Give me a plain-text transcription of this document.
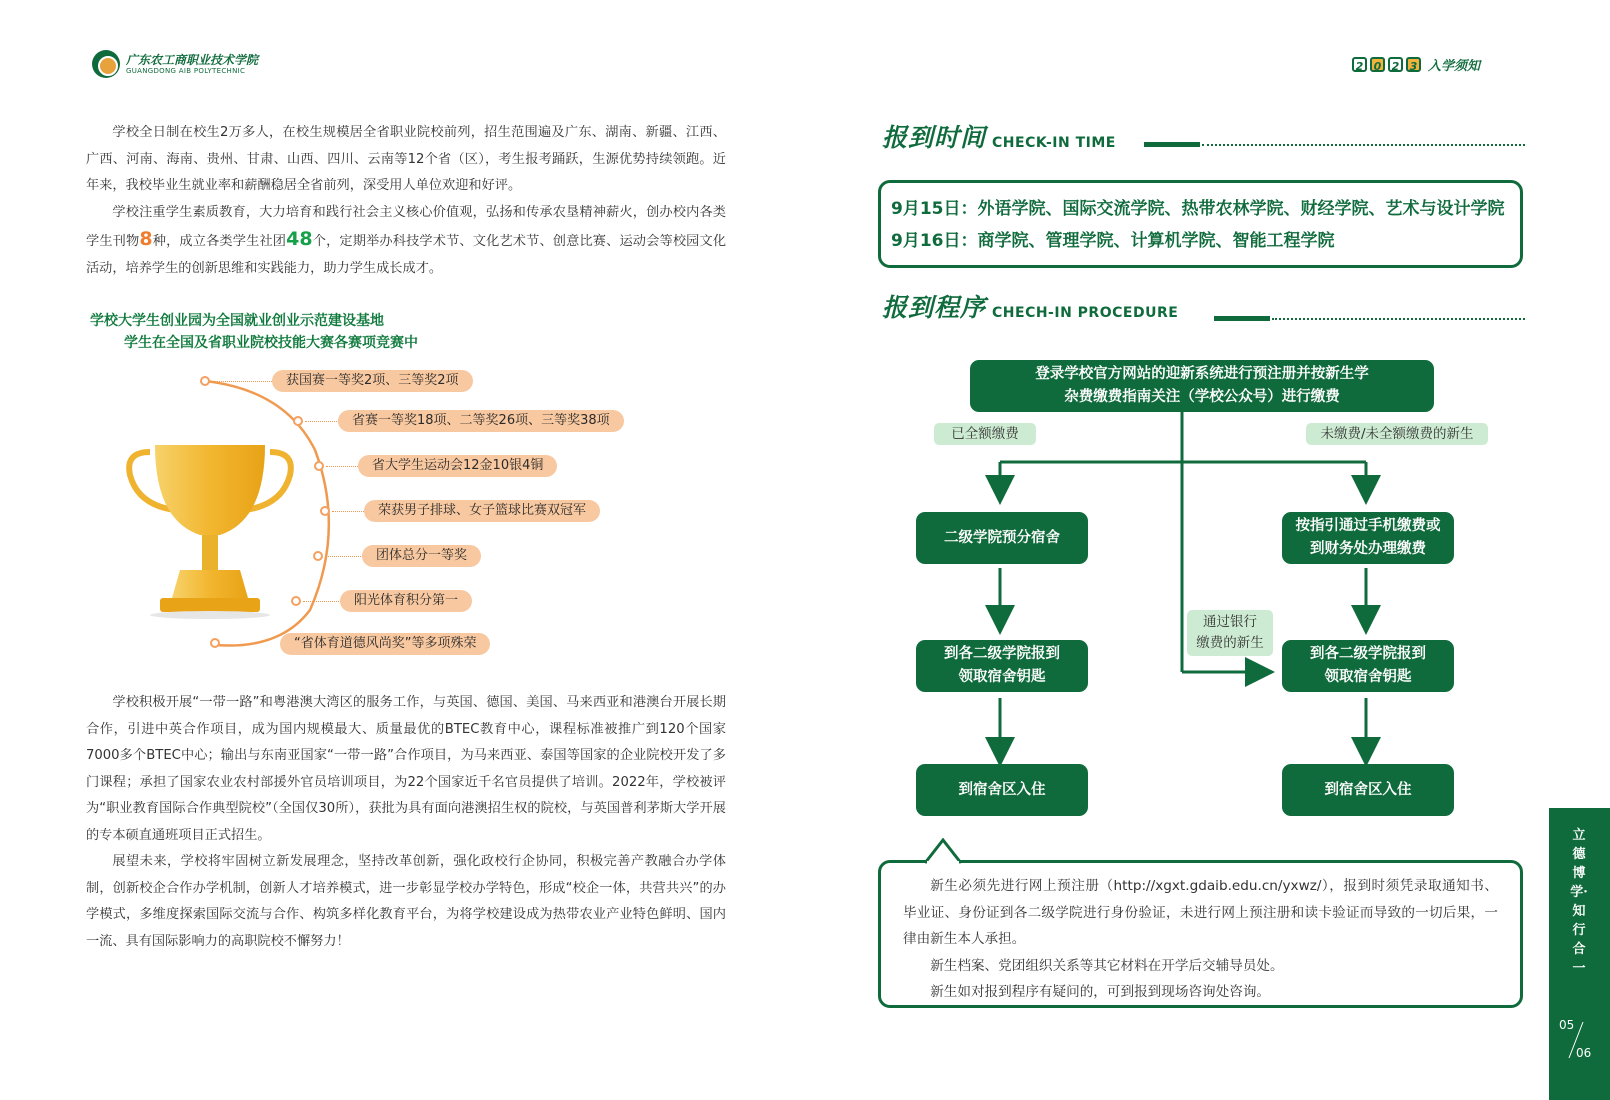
广东农工商职业技术学院
GUANGDONG AIB POLYTECHNIC	2 0 2 3 入学须知

学校全日制在校生2万多人，在校生规模居全省职业院校前列，招生范围遍及广东、湖南、新疆、江西、广西、河南、海南、贵州、甘肃、山西、四川、云南等12个省（区），考生报考踊跃，生源优势持续领跑。近年来，我校毕业生就业率和薪酬稳居全省前列，深受用人单位欢迎和好评。

学校注重学生素质教育，大力培育和践行社会主义核心价值观，弘扬和传承农垦精神薪火，创办校内各类学生刊物8种，成立各类学生社团48个，定期举办科技学术节、文化艺术节、创意比赛、运动会等校园文化活动，培养学生的创新思维和实践能力，助力学生成长成才。

学校大学生创业园为全国就业创业示范建设基地
学生在全国及省职业院校技能大赛各赛项竞赛中
获国赛一等奖2项、三等奖2项
省赛一等奖18项、二等奖26项、三等奖38项
省大学生运动会12金10银4铜
荣获男子排球、女子篮球比赛双冠军
团体总分一等奖
阳光体育积分第一
“省体育道德风尚奖”等多项殊荣

学校积极开展“一带一路”和粤港澳大湾区的服务工作，与英国、德国、美国、马来西亚和港澳台开展长期合作，引进中英合作项目，成为国内规模最大、质量最优的BTEC教育中心，课程标准被推广到120个国家7000多个BTEC中心；输出与东南亚国家“一带一路”合作项目，为马来西亚、泰国等国家的企业院校开发了多门课程；承担了国家农业农村部援外官员培训项目，为22个国家近千名官员提供了培训。2022年，学校被评为“职业教育国际合作典型院校”（全国仅30所），获批为具有面向港澳招生权的院校，与英国普利茅斯大学开展的专本硕直通班项目正式招生。

展望未来，学校将牢固树立新发展理念，坚持改革创新，强化政校行企协同，积极完善产教融合办学体制，创新校企合作办学机制，创新人才培养模式，进一步彰显学校办学特色，形成“校企一体，共营共兴”的办学模式，多维度探索国际交流与合作、构筑多样化教育平台，为将学校建设成为热带农业产业特色鲜明、国内一流、具有国际影响力的高职院校不懈努力！

报到时间 CHECK-IN TIME
9月15日：外语学院、国际交流学院、热带农林学院、财经学院、艺术与设计学院
9月16日：商学院、管理学院、计算机学院、智能工程学院
报到程序 CHECH-IN PROCEDURE
登录学校官方网站的迎新系统进行预注册并按新生学
杂费缴费指南关注（学校公众号）进行缴费
已全额缴费	未缴费/未全额缴费的新生
二级学院预分宿舍
按指引通过手机缴费或
到财务处办理缴费
通过银行
缴费的新生
到各二级学院报到
领取宿舍钥匙
到各二级学院报到
领取宿舍钥匙
到宿舍区入住	到宿舍区入住

新生必须先进行网上预注册（http://xgxt.gdaib.edu.cn/yxwz/），报到时须凭录取通知书、毕业证、身份证到各二级学院进行身份验证，未进行网上预注册和读卡验证而导致的一切后果，一律由新生本人承担。

新生档案、党团组织关系等其它材料在开学后交辅导员处。

新生如对报到程序有疑问的，可到报到现场咨询处咨询。

立德博学·知行合一
05
06
